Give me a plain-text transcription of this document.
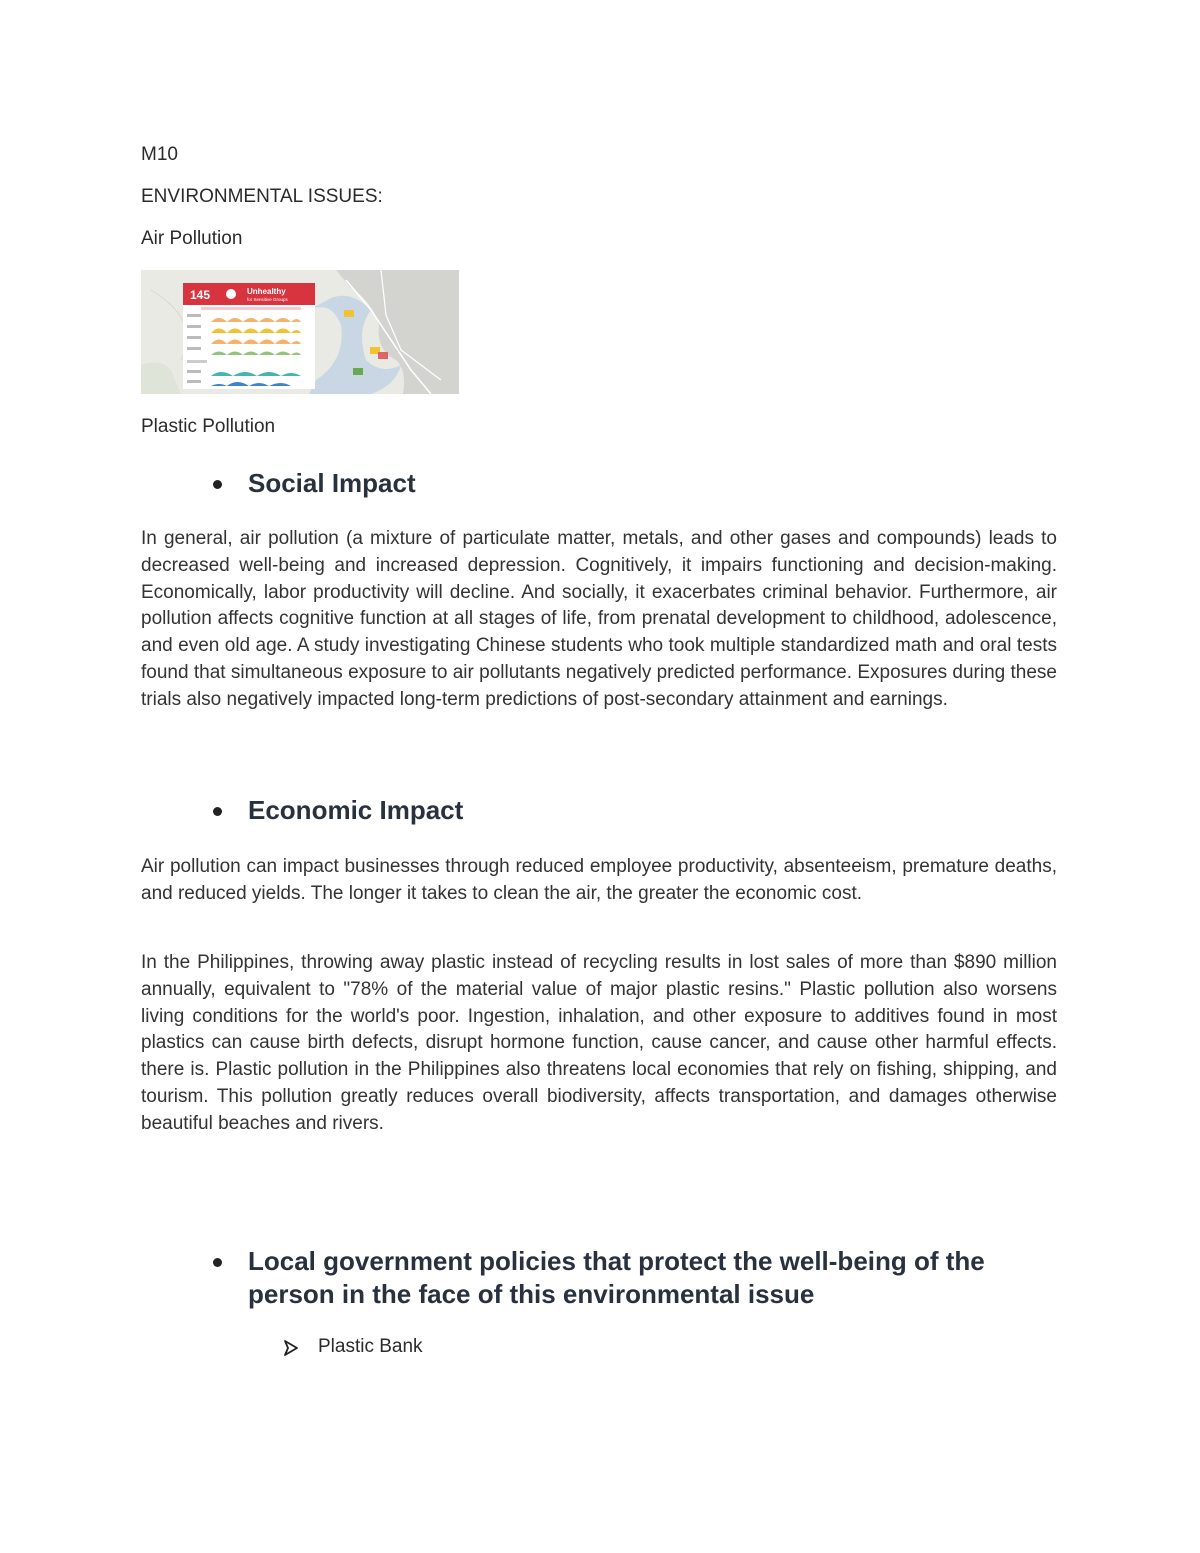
M10
ENVIRONMENTAL ISSUES:
Air Pollution
145	Unhealthy
for Sensitive Groups
Plastic Pollution
Social Impact

In general, air pollution (a mixture of particulate matter, metals, and other gases and compounds) leads to decreased well-being and increased depression. Cognitively, it impairs functioning and decision-making. Economically, labor productivity will decline. And socially, it exacerbates criminal behavior. Furthermore, air pollution affects cognitive function at all stages of life, from prenatal development to childhood, adolescence, and even old age. A study investigating Chinese students who took multiple standardized math and oral tests found that simultaneous exposure to air pollutants negatively predicted performance. Exposures during these trials also negatively impacted long-term predictions of post-secondary attainment and earnings.

Economic Impact

Air pollution can impact businesses through reduced employee productivity, absenteeism, premature deaths, and reduced yields. The longer it takes to clean the air, the greater the economic cost.

In the Philippines, throwing away plastic instead of recycling results in lost sales of more than $890 million annually, equivalent to "78% of the material value of major plastic resins." Plastic pollution also worsens living conditions for the world's poor. Ingestion, inhalation, and other exposure to additives found in most plastics can cause birth defects, disrupt hormone function, cause cancer, and cause other harmful effects. there is. Plastic pollution in the Philippines also threatens local economies that rely on fishing, shipping, and tourism. This pollution greatly reduces overall biodiversity, affects transportation, and damages otherwise beautiful beaches and rivers.

Local government policies that protect the well-being of the
person in the face of this environmental issue
Plastic Bank
